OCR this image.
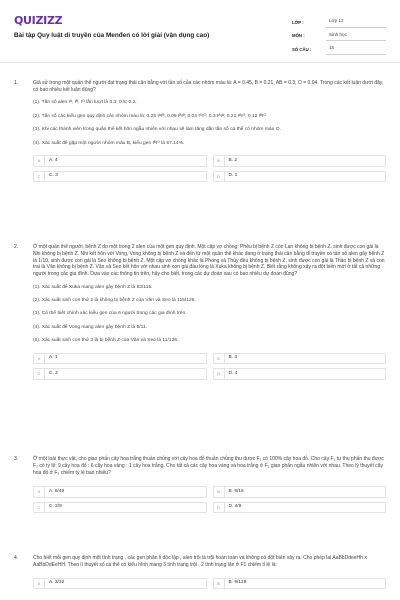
QUIZIZZ
Bài tập Quy luật di truyền của Menđen có lời giải (vận dụng cao)
LỚP :	Lớp 12
MÔN :	Sinh học
SỐ CÂU :	15
1.	Giả sử trong một quần thể người đạt trạng thái cân bằng với tần số của các nhóm máu là: A = 0.45, B = 0.21, AB = 0.3, O = 0.04. Trong các kết luận dưới đây, có bao nhiêu kết luận đúng?
(1). Tần số alen Iᴬ, Iᴮ, Iᴼ lần lượt là 0.3; 0.5; 0.2.
(2). Tần số các kiểu gen quy định các nhóm máu là: 0.25 IᴬIᴮ; 0.09 IᴮIᴮ; 0.04 IᴼIᴼ; 0.3 IᴬIᴬ; 0.21 IᴬIᴼ; 0.12 IᴮIᴼ
(3). Khi các thành viên trong quần thể kết hôn ngẫu nhiên với nhau sẽ làm tăng dần tần số cá thể có nhóm máu O.
(4). Xác suất để gặp một người nhóm máu B, kiểu gen IᴮIᴼ là 57.14%.
A	A. 4	B	B. 2
C	C. 3	D	D. 1
2.	Ở một quần thể người, bệnh Z do một trong 2 alen của một gen quy định. Một cặp vợ chồng: Phêu bị bệnh Z còn Lan không bị bệnh Z, sinh được con gái là Nhi không bị bệnh Z. Nhi kết hôn với Vong, Vong không bị bệnh Z và đến từ một quần thể khác đang ở trạng thái cân bằng di truyền có tần số alen gây bệnh Z là 1/10, sinh được con gái là Seo không bị bệnh Z. Một cặp vợ chồng khác là Phong và Thủy đều không bị bệnh Z, sinh được con gái là Thảo bị bệnh Z và con trai là Văn không bị bệnh Z. Văn và Seo kết hôn với nhau sinh con gái đầu lòng là Xuka không bị bệnh Z. Biết rằng không xảy ra đột biến mới ở tất cả những người trong các gia đình. Dựa vào các thông tin trên, hãy cho biết, trong các dự đoán sau có bao nhiêu dự đoán đúng?
(1). Xác suất để Xuka mang alen gây bệnh Z là 53/115.
(2). Xác suất sinh con thứ 2 là không bị bệnh Z của Văn và Seo là 115/126.
(3). Có thể biết chính xác kiểu gen của 6 người trong các gia đình trên.
(4). Xác suất để Vong mang alen gây bệnh Z là 5/11.
(5). Xác suất sinh con thứ 3 là bị bệnh Z của Văn và Seo là 11/126.
A	A. 1	B	B. 3
C	C. 2	D	D. 4
3.	Ở một loài thực vật, cho giao phấn cây hoa trắng thuần chủng với cây hoa đỏ thuần chủng thu được F₁ có 100% cây hoa đỏ. Cho cây F₁ tự thụ phấn thu được F₂ có tỷ lệ: 9 cây hoa đỏ : 6 cây hoa vàng : 1 cây hoa trắng. Cho tất cả các cây hoa vàng và hoa trắng ở F₂ giao phấn ngẫu nhiên với nhau. Theo lý thuyết cây hoa đỏ ở F₃ chiếm tỷ lệ bao nhiêu?
A	A. 8/49	B	B. 9/16
C	C. 2/9	D	D. 4/9
4.	Cho biết mỗi gen quy định một tính trạng , các gen phân li độc lập , alen trội là trội hoàn toàn và không có đột biến xảy ra. Cho phép lai AaBbDdeeHh x AaBbDdEeHH. Theo lí thuyết số cá thể có kiểu hình mang 3 tính trạng trội , 2 tính trạng lặn ở F1 chiếm tỉ lệ là:
A	A. 3/32	B	B. 9/128
